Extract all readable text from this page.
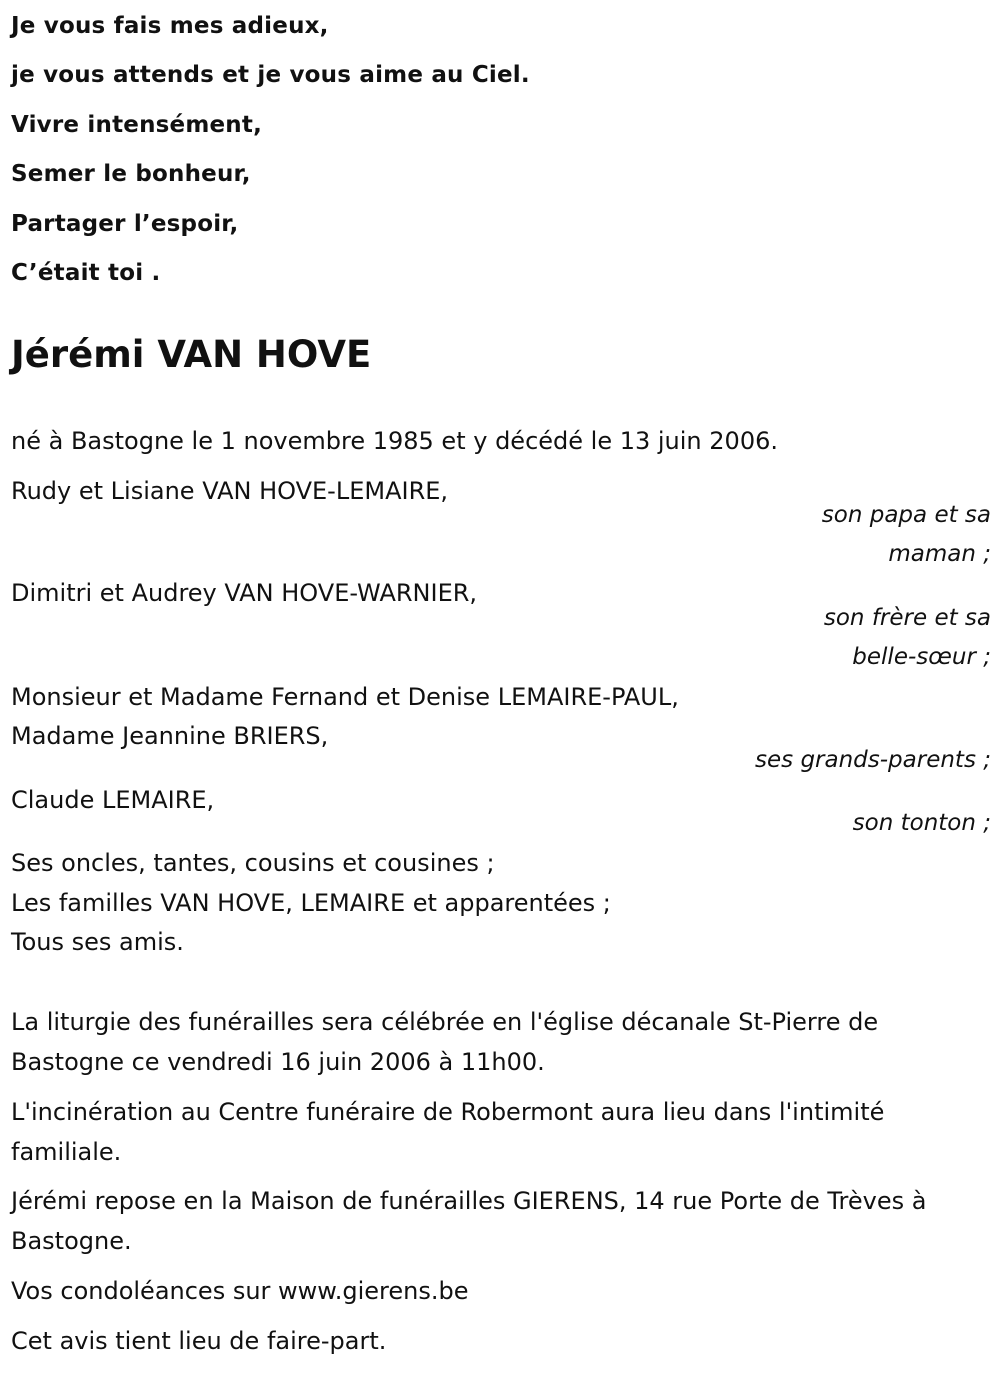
Je vous fais mes adieux,
je vous attends et je vous aime au Ciel.
Vivre intensément,
Semer le bonheur,
Partager l’espoir,
C’était toi .
Jérémi VAN HOVE
né à Bastogne le 1 novembre 1985 et y décédé le 13 juin 2006.
Rudy et Lisiane VAN HOVE-LEMAIRE,
son papa et sa
maman ;
Dimitri et Audrey VAN HOVE-WARNIER,
son frère et sa
belle-sœur ;
Monsieur et Madame Fernand et Denise LEMAIRE-PAUL,
Madame Jeannine BRIERS,
ses grands-parents ;
Claude LEMAIRE,
son tonton ;
Ses oncles, tantes, cousins et cousines ;
Les familles VAN HOVE, LEMAIRE et apparentées ;
Tous ses amis.
La liturgie des funérailles sera célébrée en l'église décanale St-Pierre de Bastogne ce vendredi 16 juin 2006 à 11h00.
L'incinération au Centre funéraire de Robermont aura lieu dans l'intimité familiale.
Jérémi repose en la Maison de funérailles GIERENS, 14 rue Porte de Trèves à Bastogne.
Vos condoléances sur www.gierens.be
Cet avis tient lieu de faire-part.
